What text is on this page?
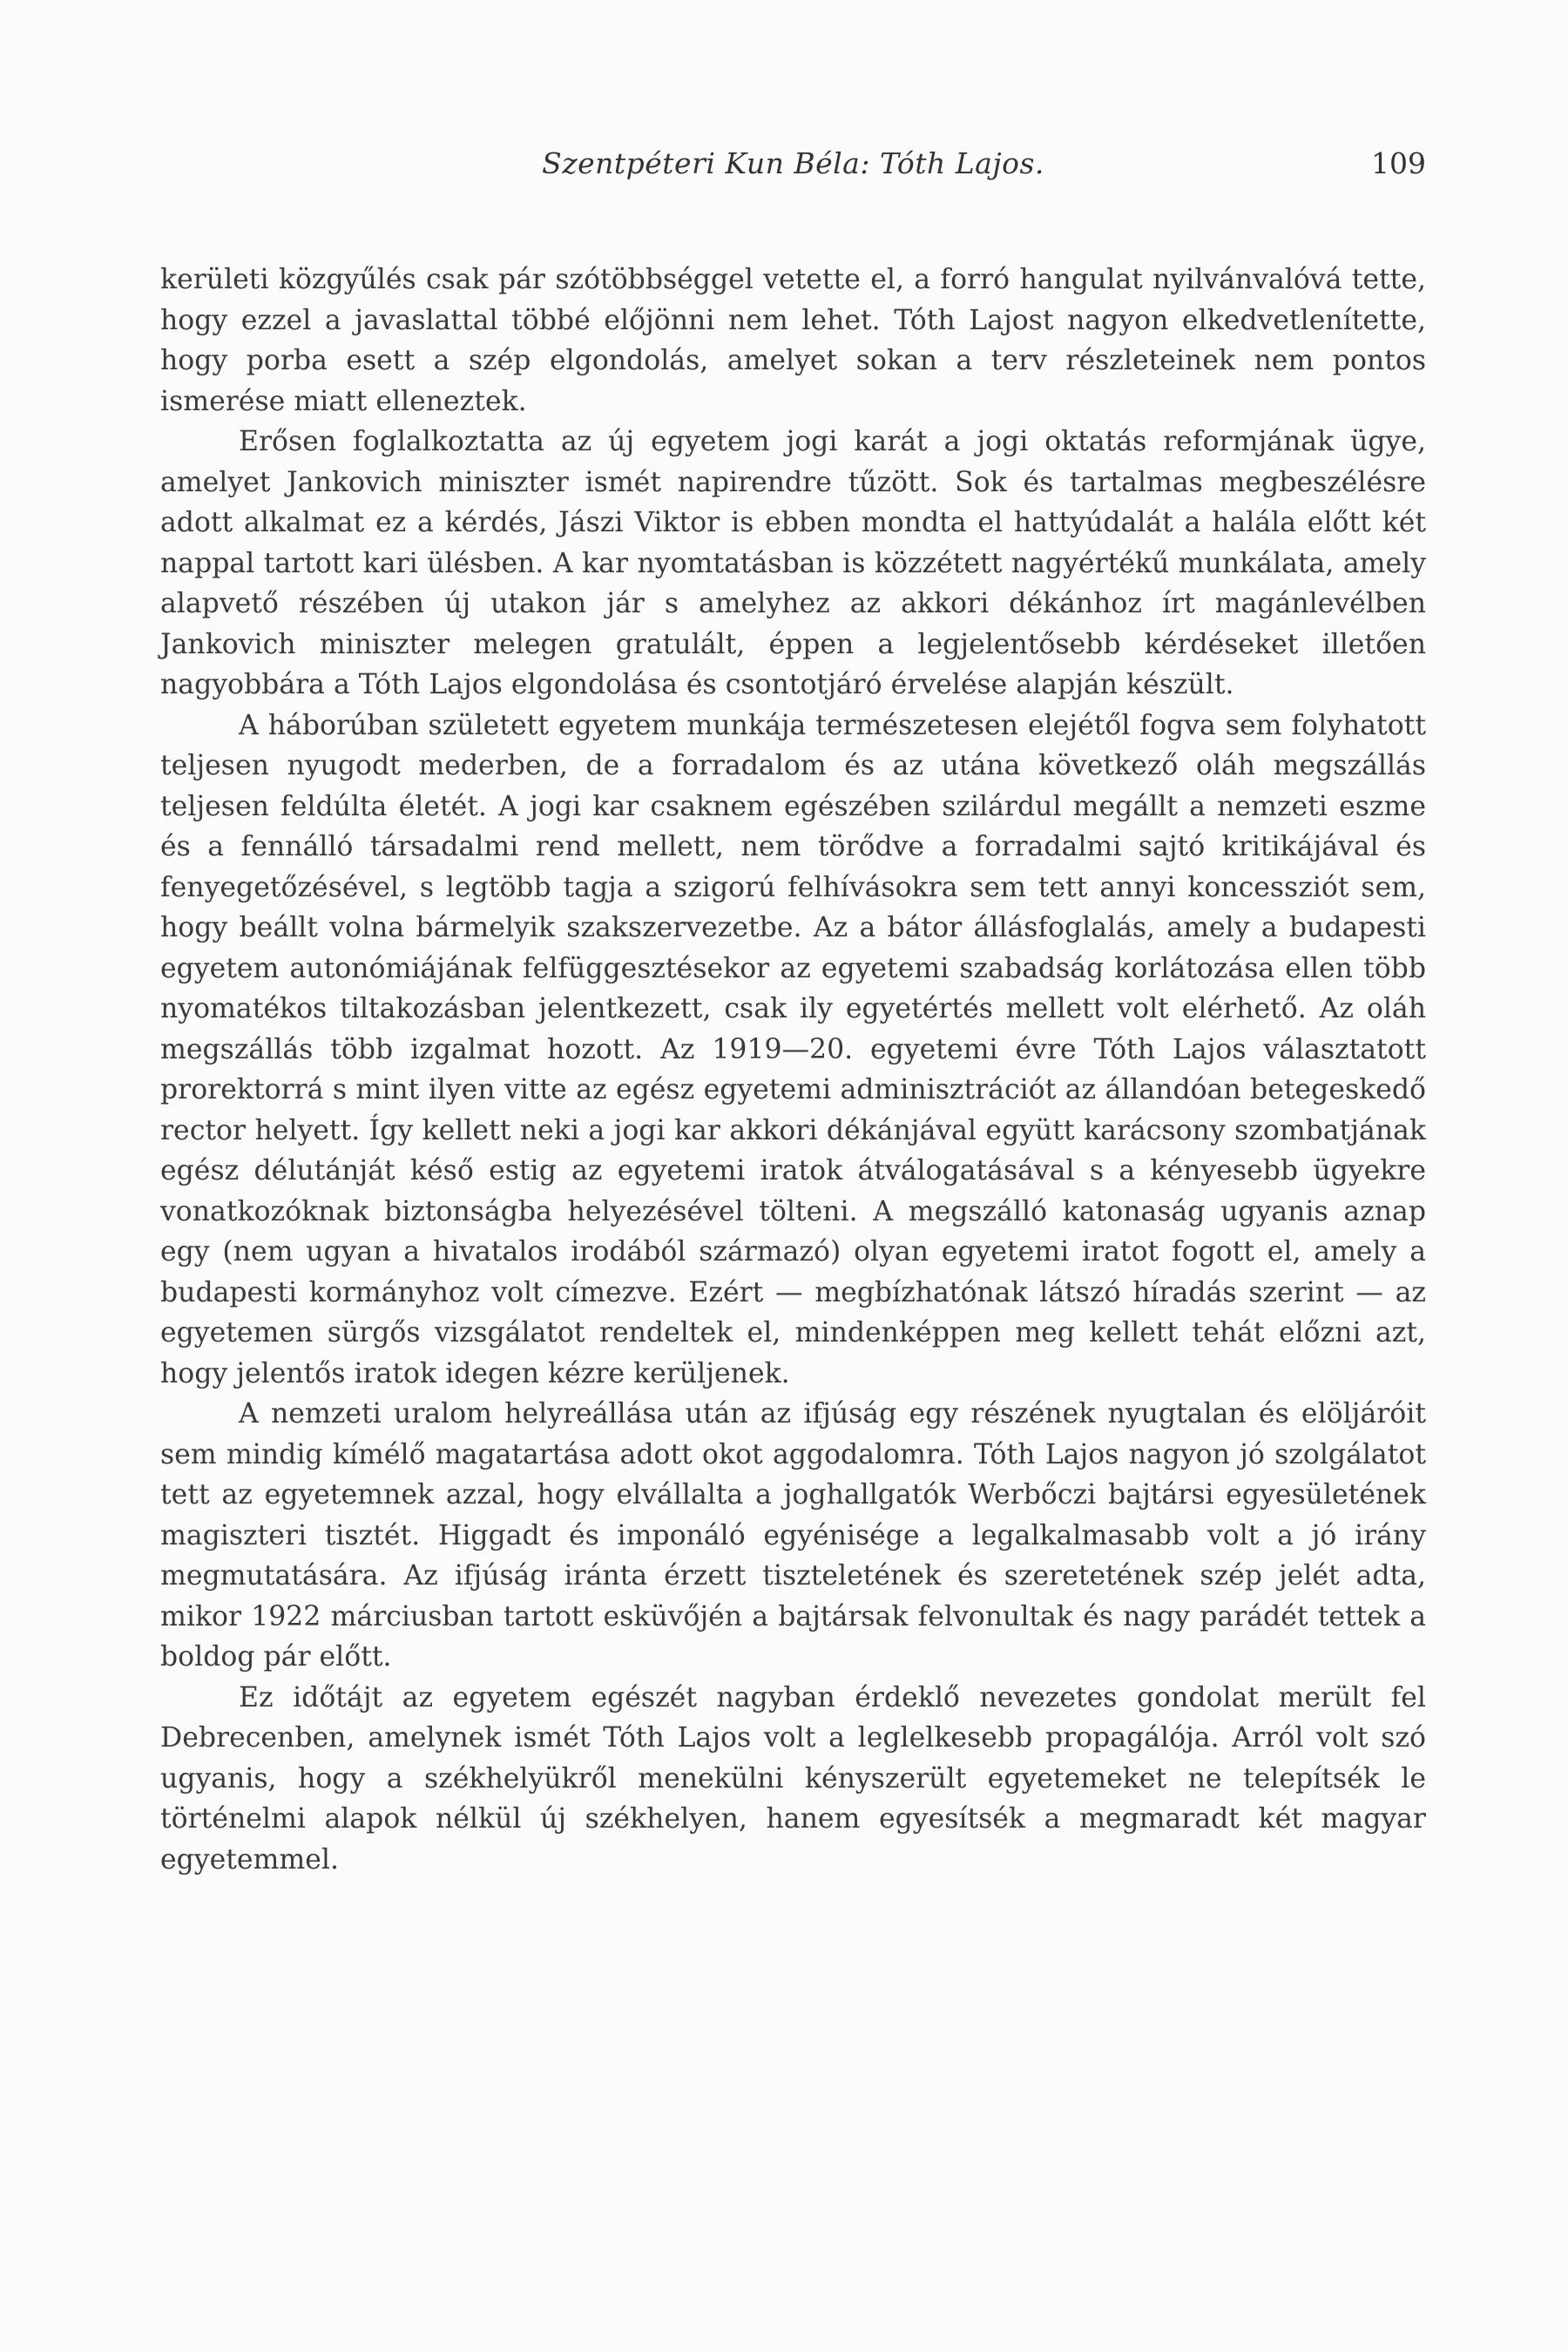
Szentpéteri Kun Béla: Tóth Lajos.	109

kerületi közgyűlés csak pár szótöbbséggel vetette el, a forró hangulat nyilvánvalóvá tette, hogy ezzel a javaslattal többé előjönni nem lehet. Tóth Lajost nagyon elkedvetlenítette, hogy porba esett a szép elgondolás, amelyet sokan a terv részleteinek nem pontos ismerése miatt elleneztek.

Erősen foglalkoztatta az új egyetem jogi karát a jogi oktatás reformjának ügye, amelyet Jankovich miniszter ismét napirendre tűzött. Sok és tartalmas megbeszélésre adott alkalmat ez a kérdés, Jászi Viktor is ebben mondta el hattyúdalát a halála előtt két nappal tartott kari ülésben. A kar nyomtatásban is közzétett nagyértékű munkálata, amely alapvető részében új utakon jár s amelyhez az akkori dékánhoz írt magánlevélben Jankovich miniszter melegen gratulált, éppen a legjelentősebb kérdéseket illetően nagyobbára a Tóth Lajos elgondolása és csontotjáró érvelése alapján készült.

A háborúban született egyetem munkája természetesen elejétől fogva sem folyhatott teljesen nyugodt mederben, de a forradalom és az utána következő oláh megszállás teljesen feldúlta életét. A jogi kar csaknem egészében szilárdul megállt a nemzeti eszme és a fennálló társadalmi rend mellett, nem törődve a forradalmi sajtó kritikájával és fenyegetőzésével, s legtöbb tagja a szigorú felhívásokra sem tett annyi koncessziót sem, hogy beállt volna bármelyik szakszervezetbe. Az a bátor állásfoglalás, amely a budapesti egyetem autonómiájának felfüggesztésekor az egyetemi szabadság korlátozása ellen több nyomatékos tiltakozásban jelentkezett, csak ily egyetértés mellett volt elérhető. Az oláh megszállás több izgalmat hozott. Az 1919—20. egyetemi évre Tóth Lajos választatott prorektorrá s mint ilyen vitte az egész egyetemi adminisztrációt az állandóan betegeskedő rector helyett. Így kellett neki a jogi kar akkori dékánjával együtt karácsony szombatjának egész délutánját késő estig az egyetemi iratok átválogatásával s a kényesebb ügyekre vonatkozóknak biztonságba helyezésével tölteni. A megszálló katonaság ugyanis aznap egy (nem ugyan a hivatalos irodából származó) olyan egyetemi iratot fogott el, amely a budapesti kormányhoz volt címezve. Ezért — megbízhatónak látszó híradás szerint — az egyetemen sürgős vizsgálatot rendeltek el, mindenképpen meg kellett tehát előzni azt, hogy jelentős iratok idegen kézre kerüljenek.

A nemzeti uralom helyreállása után az ifjúság egy részének nyugtalan és elöljáróit sem mindig kímélő magatartása adott okot aggodalomra. Tóth Lajos nagyon jó szolgálatot tett az egyetemnek azzal, hogy elvállalta a joghallgatók Werbőczi bajtársi egyesületének magiszteri tisztét. Higgadt és imponáló egyénisége a legalkalmasabb volt a jó irány megmutatására. Az ifjúság iránta érzett tiszteletének és szeretetének szép jelét adta, mikor 1922 márciusban tartott esküvőjén a bajtársak felvonultak és nagy parádét tettek a boldog pár előtt.

Ez időtájt az egyetem egészét nagyban érdeklő nevezetes gondolat merült fel Debrecenben, amelynek ismét Tóth Lajos volt a leglelkesebb propagálója. Arról volt szó ugyanis, hogy a székhelyükről menekülni kényszerült egyetemeket ne telepítsék le történelmi alapok nélkül új székhelyen, hanem egyesítsék a megmaradt két magyar egyetemmel.
